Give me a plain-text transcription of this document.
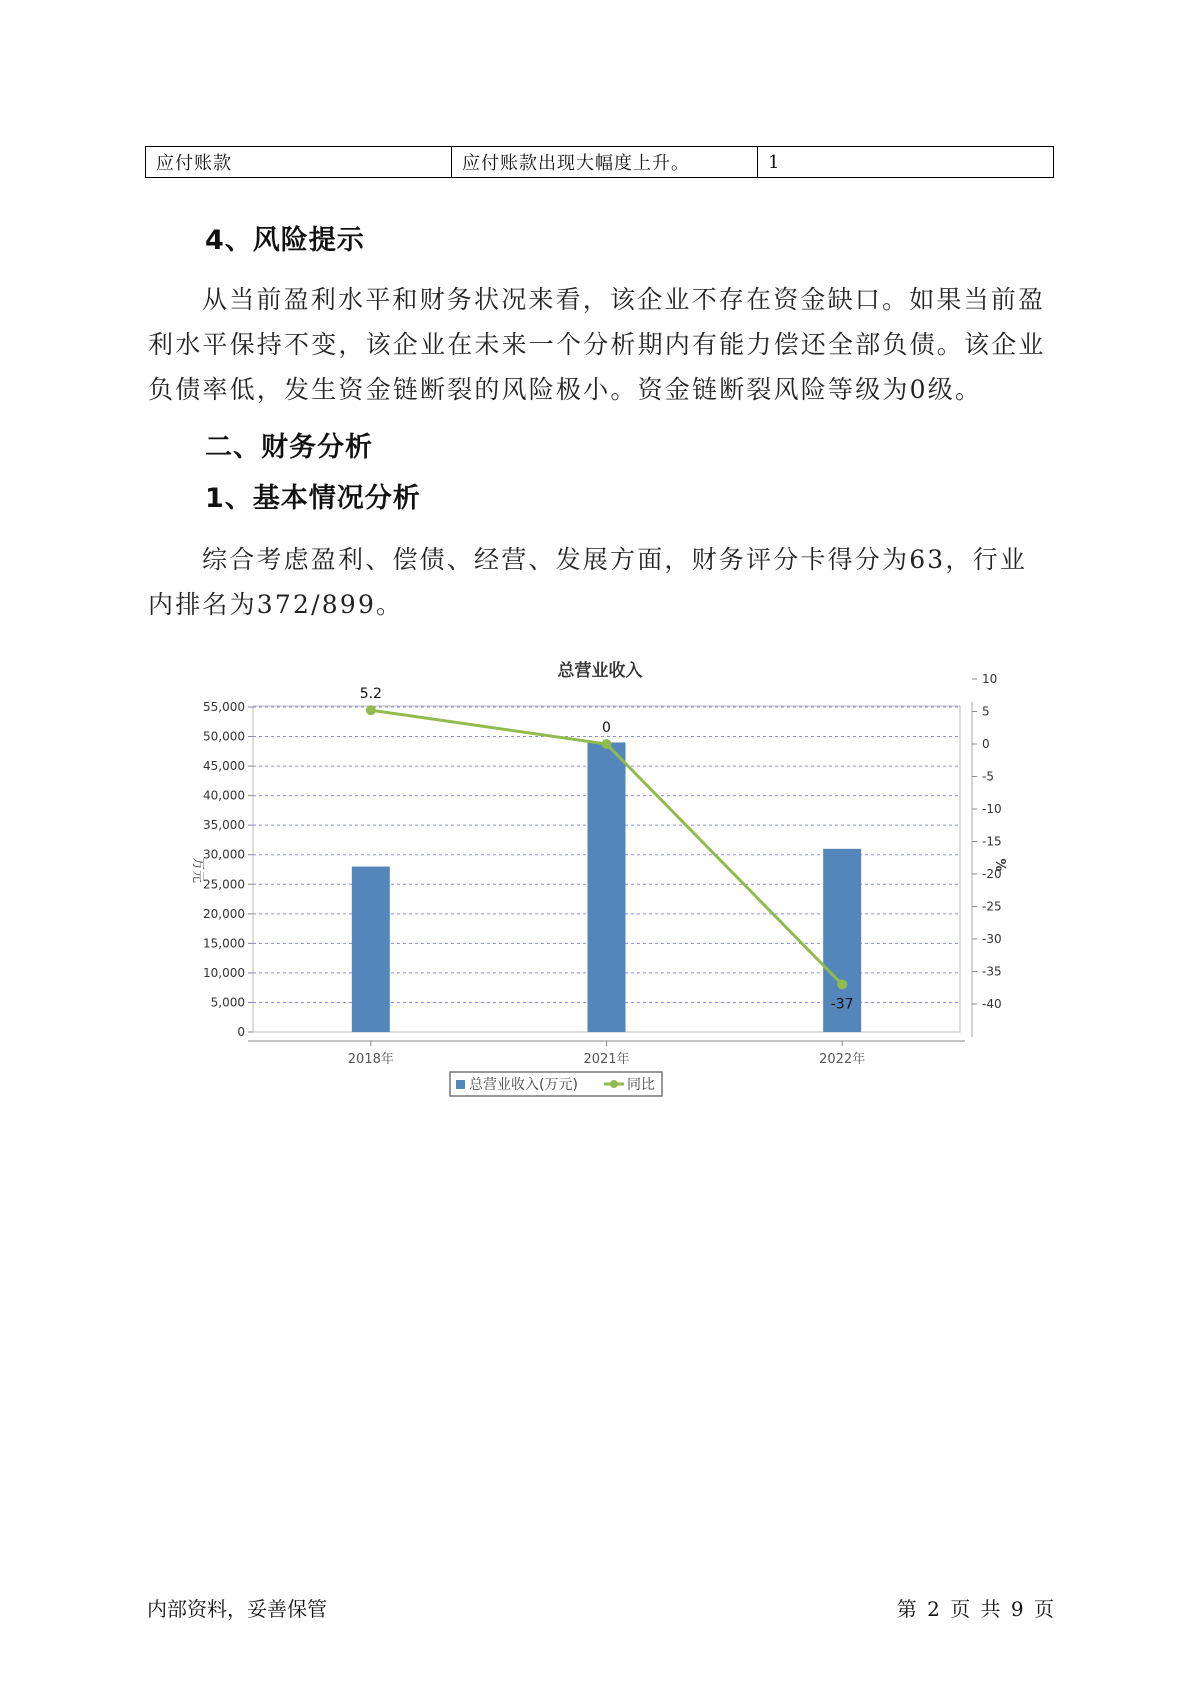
应付账款	应付账款出现大幅度上升。	1
4、风险提示

从当前盈利水平和财务状况来看，该企业不存在资金缺口。如果当前盈利水平保持不变，该企业在未来一个分析期内有能力偿还全部负债。该企业负债率低，发生资金链断裂的风险极小。资金链断裂风险等级为0级。

二、财务分析
1、基本情况分析

综合考虑盈利、偿债、经营、发展方面，财务评分卡得分为63，行业内排名为372/899。

总营业收入
0
5,000
10,000
15,000
20,000
25,000
30,000
35,000
40,000
45,000
50,000
55,000
10
5
0
-5
-10
-15
-20
-25
-30
-35
-40
万元	%
2018年	2021年	2022年
5.2
0
-37
总营业收入(万元)	同比
内部资料，妥善保管	第 2 页 共 9 页
